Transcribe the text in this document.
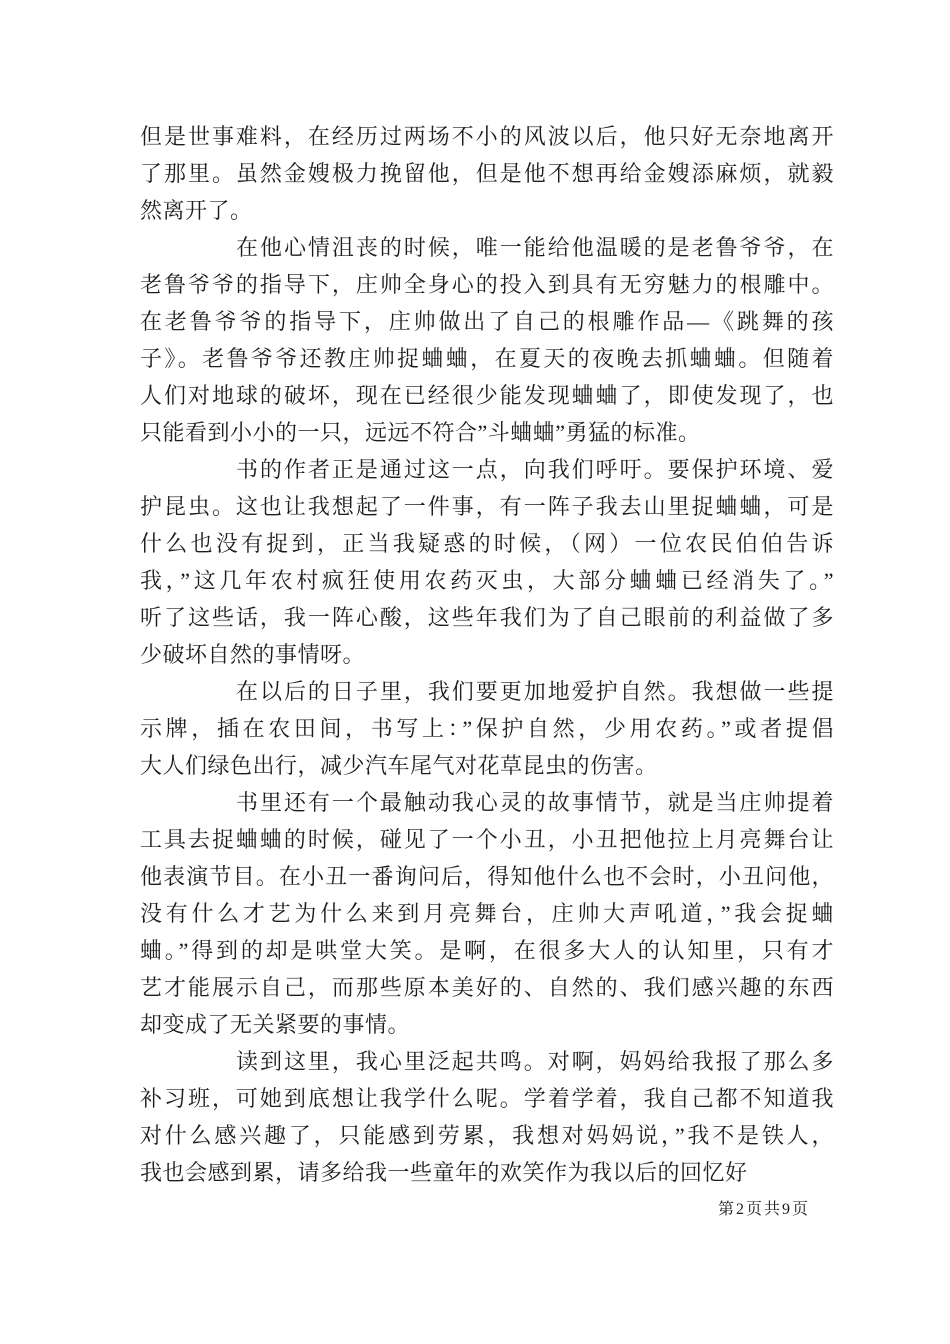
但是世事难料，在经历过两场不小的风波以后，他只好无奈地离开
了那里。虽然金嫂极力挽留他，但是他不想再给金嫂添麻烦，就毅
然离开了。
在他心情沮丧的时候，唯一能给他温暖的是老鲁爷爷，在
老鲁爷爷的指导下，庄帅全身心的投入到具有无穷魅力的根雕中。
在老鲁爷爷的指导下，庄帅做出了自己的根雕作品—《跳舞的孩
子》。老鲁爷爷还教庄帅捉蛐蛐，在夏天的夜晚去抓蛐蛐。但随着
人们对地球的破坏，现在已经很少能发现蛐蛐了，即使发现了，也
只能看到小小的一只，远远不符合”斗蛐蛐”勇猛的标准。
书的作者正是通过这一点，向我们呼吁。要保护环境、爱
护昆虫。这也让我想起了一件事，有一阵子我去山里捉蛐蛐，可是
什么也没有捉到，正当我疑惑的时候，（网）一位农民伯伯告诉
我，”这几年农村疯狂使用农药灭虫，大部分蛐蛐已经消失了。”
听了这些话，我一阵心酸，这些年我们为了自己眼前的利益做了多
少破坏自然的事情呀。
在以后的日子里，我们要更加地爱护自然。我想做一些提
示牌，插在农田间，书写上：”保护自然，少用农药。”或者提倡
大人们绿色出行，减少汽车尾气对花草昆虫的伤害。
书里还有一个最触动我心灵的故事情节，就是当庄帅提着
工具去捉蛐蛐的时候，碰见了一个小丑，小丑把他拉上月亮舞台让
他表演节目。在小丑一番询问后，得知他什么也不会时，小丑问他，
没有什么才艺为什么来到月亮舞台，庄帅大声吼道，”我会捉蛐
蛐。”得到的却是哄堂大笑。是啊，在很多大人的认知里，只有才
艺才能展示自己，而那些原本美好的、自然的、我们感兴趣的东西
却变成了无关紧要的事情。
读到这里，我心里泛起共鸣。对啊，妈妈给我报了那么多
补习班，可她到底想让我学什么呢。学着学着，我自己都不知道我
对什么感兴趣了，只能感到劳累，我想对妈妈说，”我不是铁人，
我也会感到累，请多给我一些童年的欢笑作为我以后的回忆好
第2页共9页
